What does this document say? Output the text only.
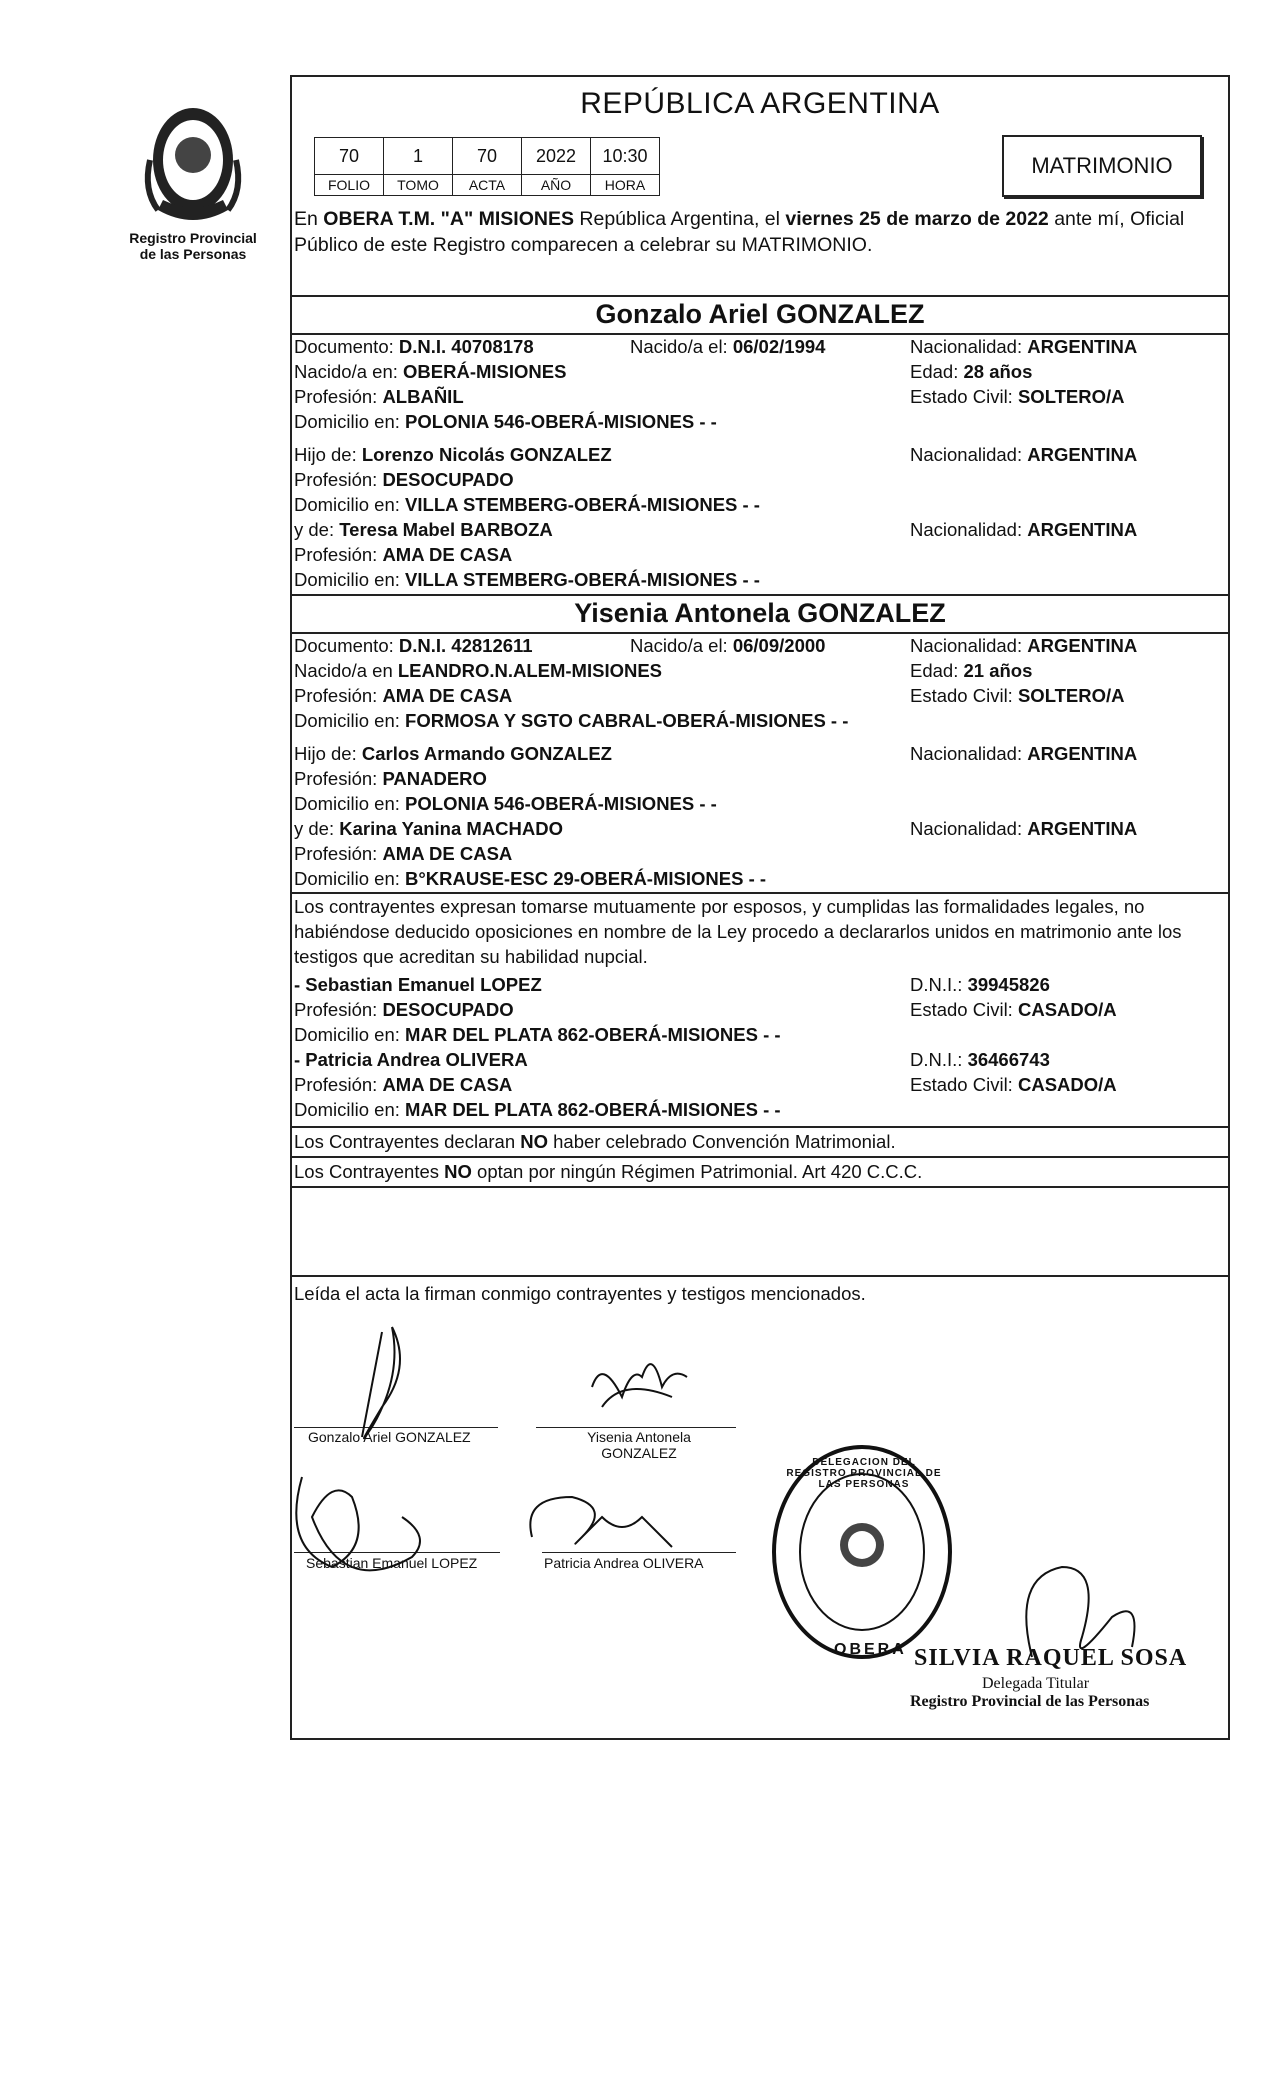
Registro Provincial
de las Personas
REPÚBLICA ARGENTINA
70	1	70	2022	10:30
FOLIO	TOMO	ACTA	AÑO	HORA
MATRIMONIO
En OBERA T.M. "A" MISIONES República Argentina, el viernes 25 de marzo de 2022 ante mí, Oficial Público de este Registro comparecen a celebrar su MATRIMONIO.
Gonzalo Ariel GONZALEZ
Documento: D.N.I. 40708178	Nacido/a el: 06/02/1994	Nacionalidad: ARGENTINA
Nacido/a en: OBERÁ-MISIONES	Edad: 28 años
Profesión: ALBAÑIL	Estado Civil: SOLTERO/A
Domicilio en: POLONIA 546-OBERÁ-MISIONES - -
Hijo de: Lorenzo Nicolás GONZALEZ	Nacionalidad: ARGENTINA
Profesión: DESOCUPADO
Domicilio en: VILLA STEMBERG-OBERÁ-MISIONES - -
y de: Teresa Mabel BARBOZA	Nacionalidad: ARGENTINA
Profesión: AMA DE CASA
Domicilio en: VILLA STEMBERG-OBERÁ-MISIONES - -
Yisenia Antonela GONZALEZ
Documento: D.N.I. 42812611	Nacido/a el: 06/09/2000	Nacionalidad: ARGENTINA
Nacido/a en LEANDRO.N.ALEM-MISIONES	Edad: 21 años
Profesión: AMA DE CASA	Estado Civil: SOLTERO/A
Domicilio en: FORMOSA Y SGTO CABRAL-OBERÁ-MISIONES - -
Hijo de: Carlos Armando GONZALEZ	Nacionalidad: ARGENTINA
Profesión: PANADERO
Domicilio en: POLONIA 546-OBERÁ-MISIONES - -
y de: Karina Yanina MACHADO	Nacionalidad: ARGENTINA
Profesión: AMA DE CASA
Domicilio en: B°KRAUSE-ESC 29-OBERÁ-MISIONES - -
Los contrayentes expresan tomarse mutuamente por esposos, y cumplidas las formalidades legales, no habiéndose deducido oposiciones en nombre de la Ley procedo a declararlos unidos en matrimonio ante los testigos que acreditan su habilidad nupcial.
- Sebastian Emanuel LOPEZ	D.N.I.: 39945826
Profesión: DESOCUPADO	Estado Civil: CASADO/A
Domicilio en: MAR DEL PLATA 862-OBERÁ-MISIONES - -
- Patricia Andrea OLIVERA	D.N.I.: 36466743
Profesión: AMA DE CASA	Estado Civil: CASADO/A
Domicilio en: MAR DEL PLATA 862-OBERÁ-MISIONES - -
Los Contrayentes declaran NO haber celebrado Convención Matrimonial.
Los Contrayentes NO optan por ningún Régimen Patrimonial. Art 420 C.C.C.
Leída el acta la firman conmigo contrayentes y testigos mencionados.
Gonzalo Ariel GONZALEZ	Yisenia Antonela
GONZALEZ
Sebastian Emanuel LOPEZ	Patricia Andrea OLIVERA
OBERA
DELEGACION DEL REGISTRO PROVINCIAL DE LAS PERSONAS
SILVIA RAQUEL SOSA
Delegada Titular
Registro Provincial de las Personas
